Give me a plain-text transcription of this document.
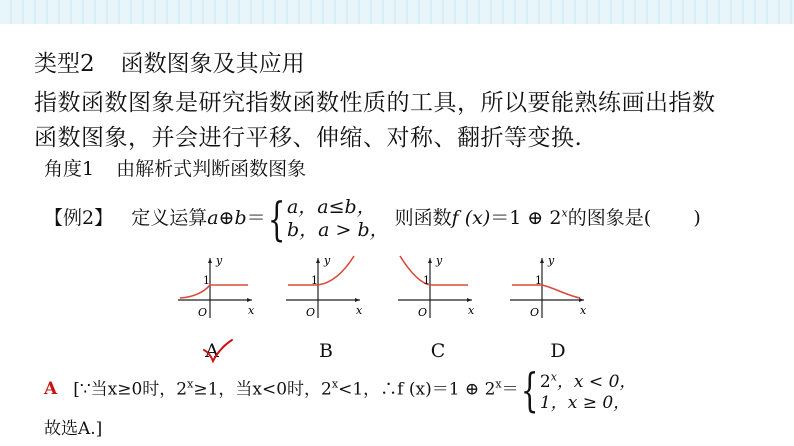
类型2 函数图象及其应用
指数函数图象是研究指数函数性质的工具，所以要能熟练画出指数
函数图象，并会进行平移、伸缩、对称、翻折等变换.
角度1 由解析式判断函数图象
【例2】 定义运算a⊕b＝{a，a≤b，
b，a > b， 则函数f (x)＝1 ⊕ 2$^x$的图象是( )
1
y
x
O
1
y
x
O
1
y
x
O
1
y
x
O
A	B	C	D
A [∵当x≥0时，$2^x\ge 1$，当x<0时，$2^x<1$，∴f (x)＝1 ⊕ $2^x=${ 2$^x$，x < 0，
1，x ≥ 0，
故选A.]
